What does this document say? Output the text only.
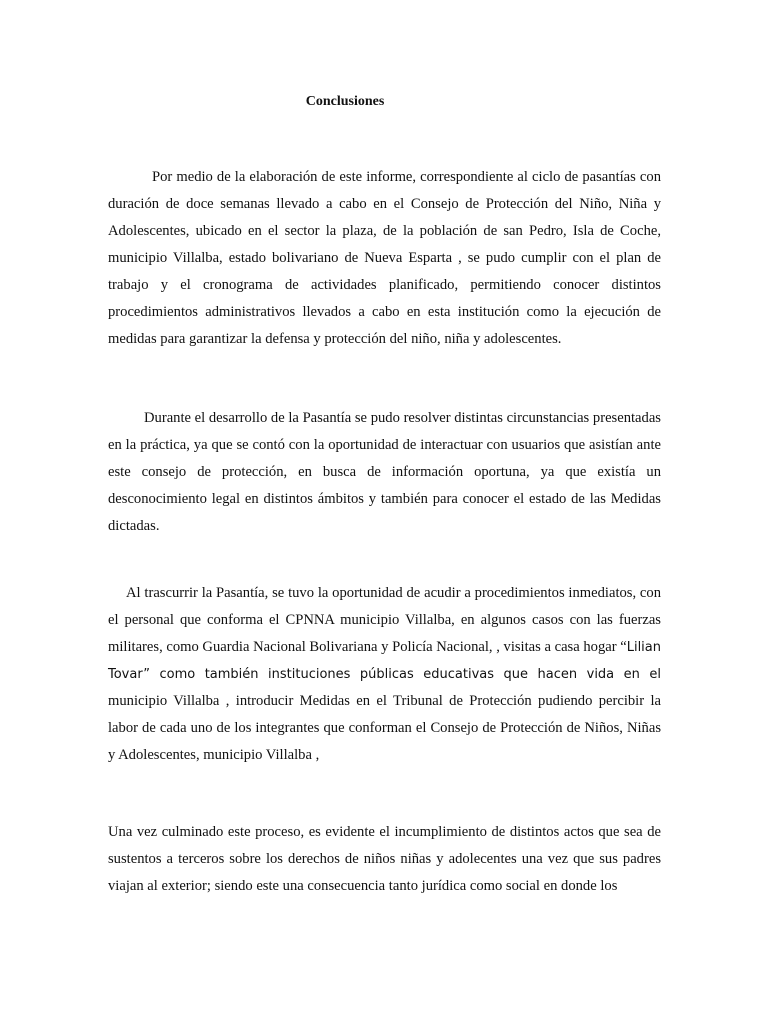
Conclusiones

Por medio de la elaboración de este informe, correspondiente al ciclo de pasantías con duración de doce semanas llevado a cabo en el Consejo de Protección del Niño, Niña y Adolescentes, ubicado en el sector la plaza, de la población de san Pedro, Isla de Coche, municipio Villalba, estado bolivariano de Nueva Esparta , se pudo cumplir con el plan de trabajo y el cronograma de actividades planificado, permitiendo conocer distintos procedimientos administrativos llevados a cabo en esta institución como la ejecución de medidas para garantizar la defensa y protección del niño, niña y adolescentes.

Durante el desarrollo de la Pasantía se pudo resolver distintas circunstancias presentadas en la práctica, ya que se contó con la oportunidad de interactuar con usuarios que asistían ante este consejo de protección, en busca de información oportuna, ya que existía un desconocimiento legal en distintos ámbitos y también para conocer el estado de las Medidas dictadas.

Al trascurrir la Pasantía, se tuvo la oportunidad de acudir a procedimientos inmediatos, con el personal que conforma el CPNNA municipio Villalba, en algunos casos con las fuerzas militares, como Guardia Nacional Bolivariana y Policía Nacional, , visitas a casa hogar “Lilian Tovar” como también instituciones públicas educativas que hacen vida en el municipio Villalba , introducir Medidas en el Tribunal de Protección pudiendo percibir la labor de cada uno de los integrantes que conforman el Consejo de Protección de Niños, Niñas y Adolescentes, municipio Villalba ,

Una vez culminado este proceso, es evidente el incumplimiento de distintos actos que sea de sustentos a terceros sobre los derechos de niños niñas y adolecentes una vez que sus padres viajan al exterior; siendo este una consecuencia tanto jurídica como social en donde los
